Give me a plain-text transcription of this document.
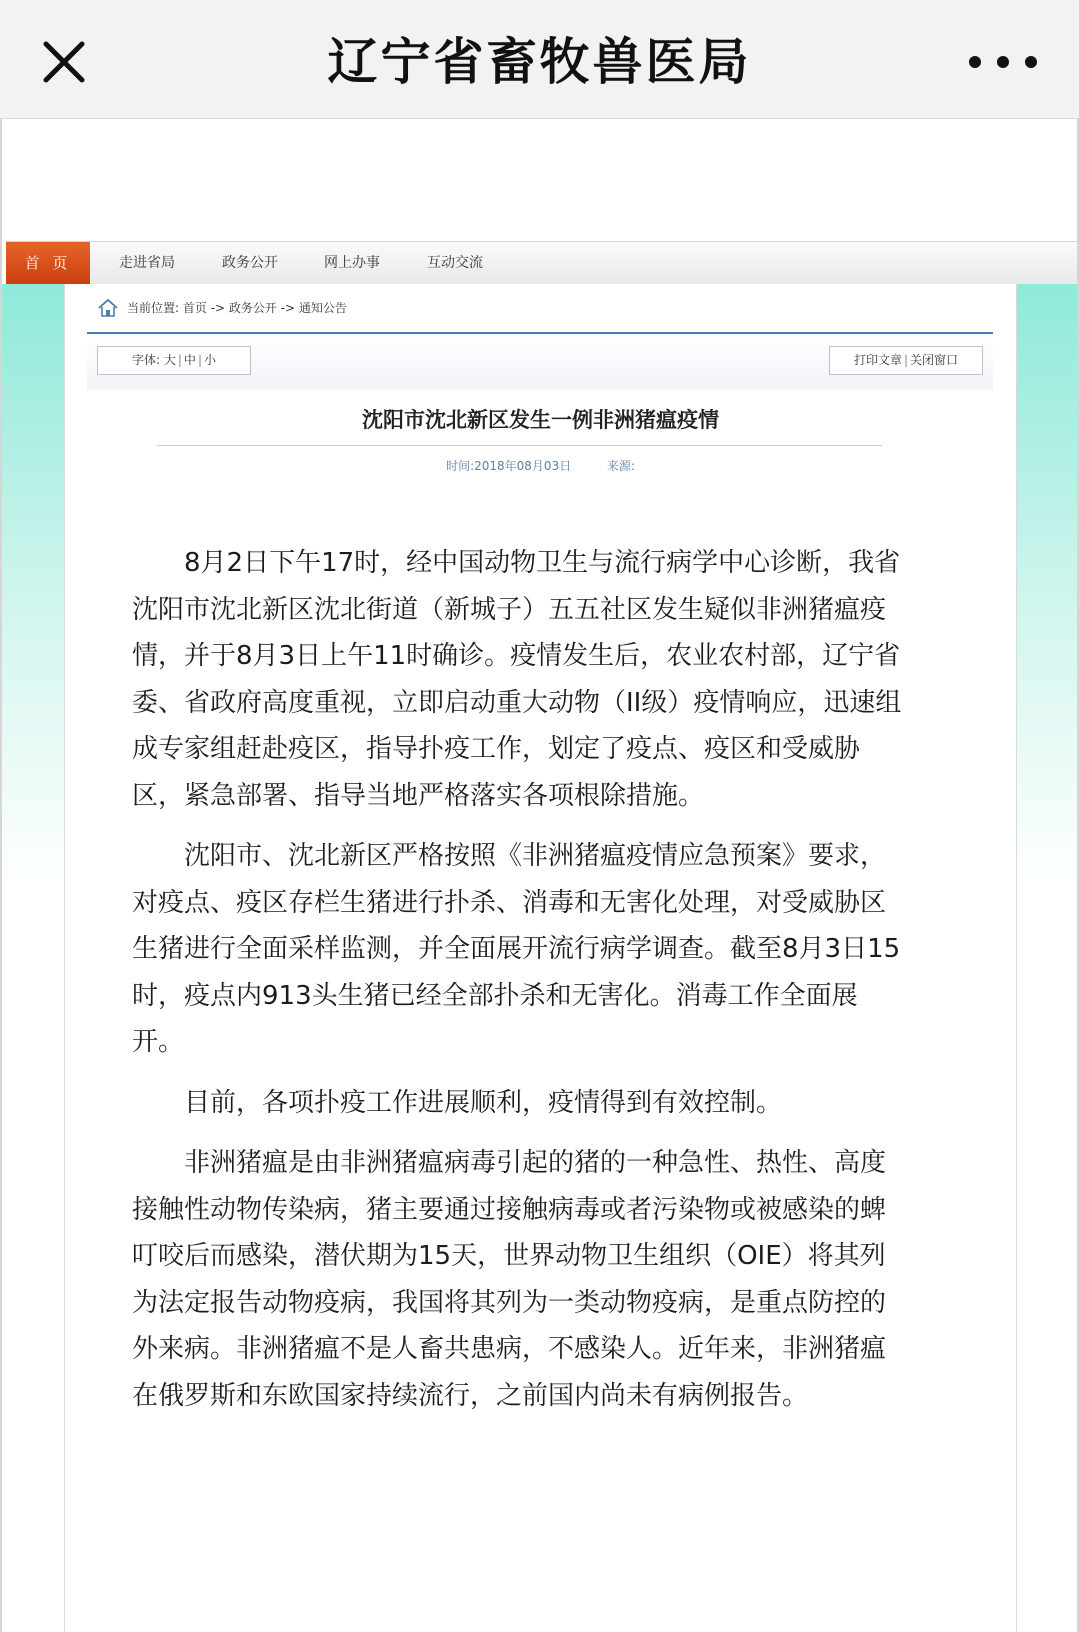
辽宁省畜牧兽医局
首 页	走进省局	政务公开	网上办事	互动交流
当前位置: 首页 -> 政务公开 -> 通知公告
字体: 大 | 中 | 小	打印文章 | 关闭窗口
沈阳市沈北新区发生一例非洲猪瘟疫情
时间:2018年08月03日	来源:

8月2日下午17时，经中国动物卫生与流行病学中心诊断，我省沈阳市沈北新区沈北街道（新城子）五五社区发生疑似非洲猪瘟疫情，并于8月3日上午11时确诊。疫情发生后，农业农村部，辽宁省委、省政府高度重视，立即启动重大动物（II级）疫情响应，迅速组成专家组赶赴疫区，指导扑疫工作，划定了疫点、疫区和受威胁区，紧急部署、指导当地严格落实各项根除措施。

沈阳市、沈北新区严格按照《非洲猪瘟疫情应急预案》要求，对疫点、疫区存栏生猪进行扑杀、消毒和无害化处理，对受威胁区生猪进行全面采样监测，并全面展开流行病学调查。截至8月3日15时，疫点内913头生猪已经全部扑杀和无害化。消毒工作全面展开。

目前，各项扑疫工作进展顺利，疫情得到有效控制。

非洲猪瘟是由非洲猪瘟病毒引起的猪的一种急性、热性、高度接触性动物传染病，猪主要通过接触病毒或者污染物或被感染的蜱叮咬后而感染，潜伏期为15天，世界动物卫生组织（OIE）将其列为法定报告动物疫病，我国将其列为一类动物疫病，是重点防控的外来病。非洲猪瘟不是人畜共患病，不感染人。近年来，非洲猪瘟在俄罗斯和东欧国家持续流行，之前国内尚未有病例报告。
